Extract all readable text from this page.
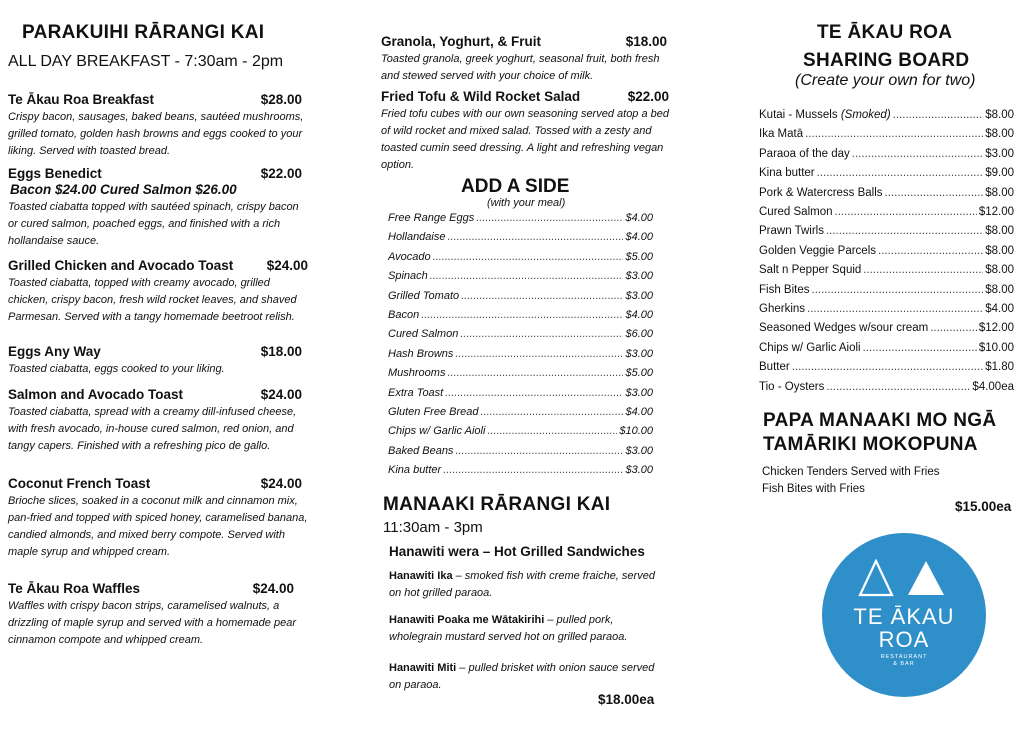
PARAKUIHI RĀRANGI KAI
ALL DAY BREAKFAST - 7:30am - 2pm
Te Ākau Roa Breakfast	$28.00
Crispy bacon, sausages, baked beans, sautéed mushrooms, grilled tomato, golden hash browns and eggs cooked to your liking. Served with toasted bread.
Eggs Benedict	$22.00
Bacon $24.00 Cured Salmon $26.00
Toasted ciabatta topped with sautéed spinach, crispy bacon or cured salmon, poached eggs, and finished with a rich hollandaise sauce.
Grilled Chicken and Avocado Toast $24.00
Toasted ciabatta, topped with creamy avocado, grilled chicken, crispy bacon, fresh wild rocket leaves, and shaved Parmesan. Served with a tangy homemade beetroot relish.
Eggs Any Way	$18.00
Toasted ciabatta, eggs cooked to your liking.
Salmon and Avocado Toast	$24.00
Toasted ciabatta, spread with a creamy dill-infused cheese, with fresh avocado, in-house cured salmon, red onion, and tangy capers. Finished with a refreshing pico de gallo.
Coconut French Toast	$24.00
Brioche slices, soaked in a coconut milk and cinnamon mix, pan-fried and topped with spiced honey, caramelised banana, candied almonds, and mixed berry compote. Served with maple syrup and whipped cream.
Te Ākau Roa Waffles	$24.00
Waffles with crispy bacon strips, caramelised walnuts, a drizzling of maple syrup and served with a homemade pear cinnamon compote and whipped cream.
Granola, Yoghurt, & Fruit	$18.00
Toasted granola, greek yoghurt, seasonal fruit, both fresh and stewed served with your choice of milk.
Fried Tofu & Wild Rocket Salad	$22.00
Fried tofu cubes with our own seasoning served atop a bed of wild rocket and mixed salad. Tossed with a zesty and toasted cumin seed dressing. A light and refreshing vegan option.
ADD A SIDE
(with your meal)
Free Range Eggs .....	$4.00
Hollandaise .....	$4.00
Avocado .....	$5.00
Spinach .....	$3.00
Grilled Tomato .....	$3.00
Bacon .....	$4.00
Cured Salmon .....	$6.00
Hash Browns .....	$3.00
Mushrooms .....	$5.00
Extra Toast .....	$3.00
Gluten Free Bread .....	$4.00
Chips w/ Garlic Aioli .....	$10.00
Baked Beans .....	$3.00
Kina butter .....	$3.00
MANAAKI RĀRANGI KAI
11:30am - 3pm
Hanawiti wera – Hot Grilled Sandwiches
Hanawiti Ika – smoked fish with creme fraiche, served on hot grilled paraoa.
Hanawiti Poaka me Wātakirihi – pulled pork, wholegrain mustard served hot on grilled paraoa.
Hanawiti Miti – pulled brisket with onion sauce served on paraoa.
$18.00ea
TE ĀKAU ROA
SHARING BOARD
(Create your own for two)
Kutai - Mussels (Smoked) .....	$8.00
Ika Matā .....	$8.00
Paraoa of the day .....	$3.00
Kina butter .....	$9.00
Pork & Watercress Balls .....	$8.00
Cured Salmon .....	$12.00
Prawn Twirls .....	$8.00
Golden Veggie Parcels .....	$8.00
Salt n Pepper Squid .....	$8.00
Fish Bites .....	$8.00
Gherkins .....	$4.00
Seasoned Wedges w/sour cream .....	$12.00
Chips w/ Garlic Aioli .....	$10.00
Butter .....	$1.80
Tio - Oysters .....	$4.00ea
PAPA MANAAKI MO NGĀ
TAMĀRIKI MOKOPUNA
Chicken Tenders Served with Fries
Fish Bites with Fries
$15.00ea
TE ĀKAU
ROA
RESTAURANT
& BAR
